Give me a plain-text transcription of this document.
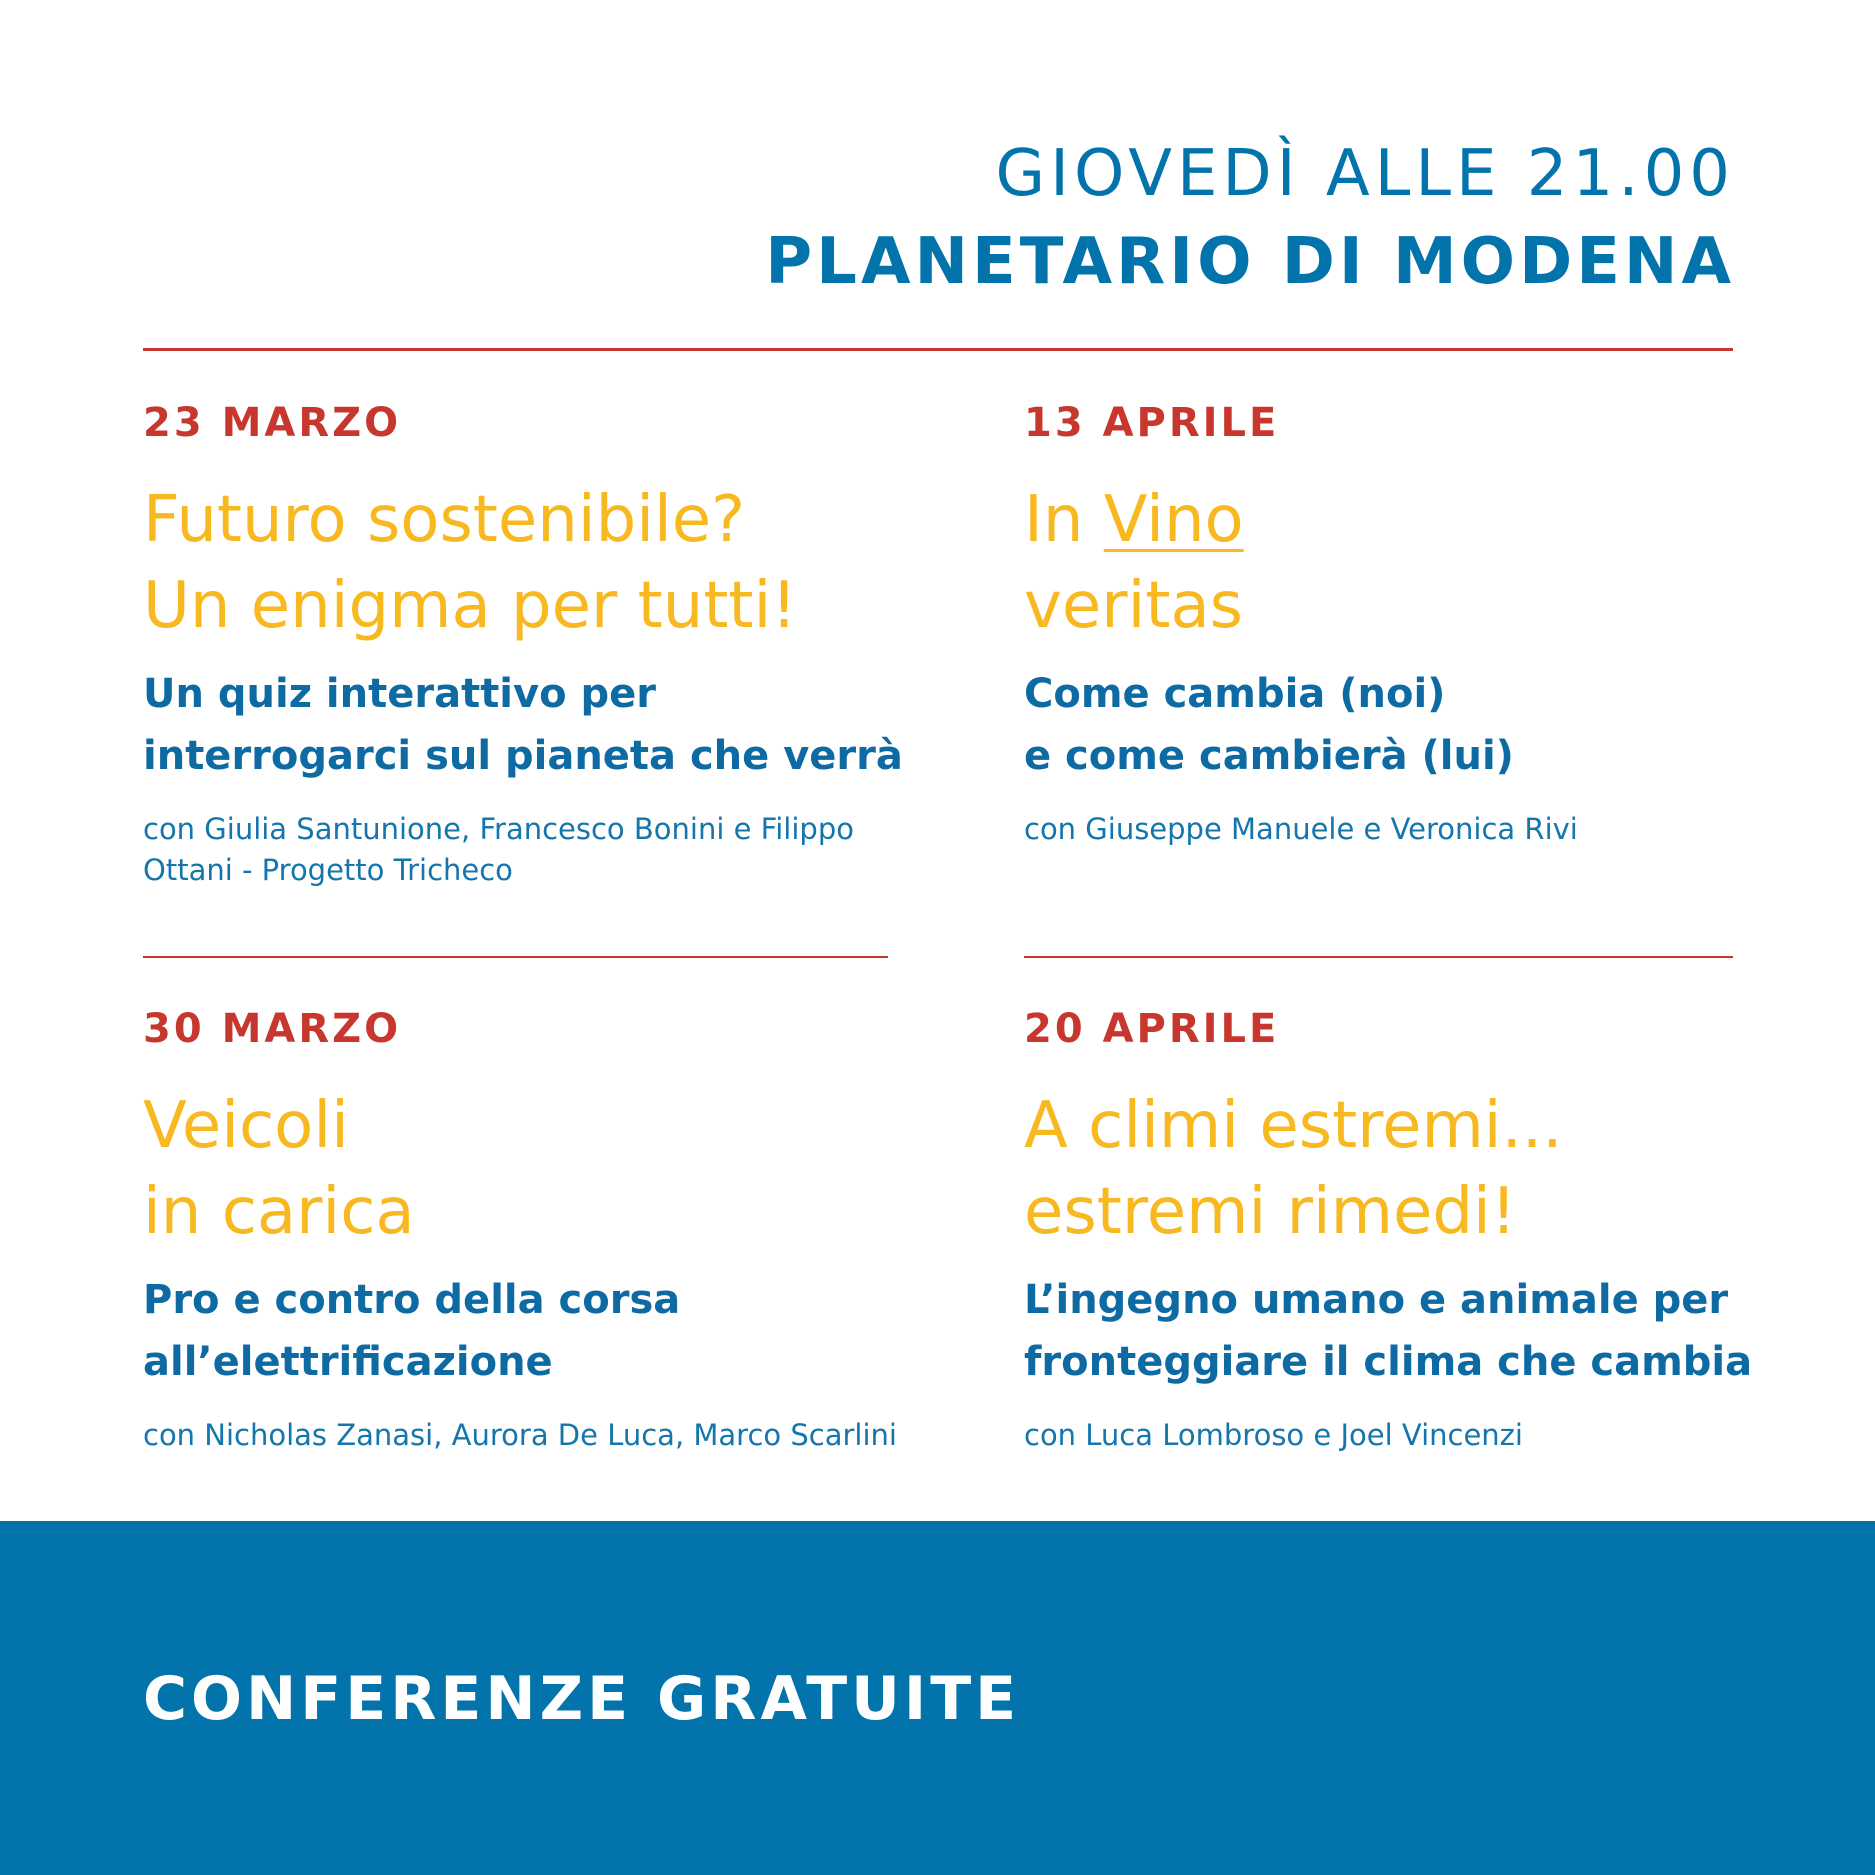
GIOVEDÌ ALLE 21.00
PLANETARIO DI MODENA
23 MARZO
Futuro sostenibile?
Un enigma per tutti!
Un quiz interattivo per
interrogarci sul pianeta che verrà
con Giulia Santunione, Francesco Bonini e Filippo
Ottani - Progetto Tricheco
13 APRILE
In Vino
veritas
Come cambia (noi)
e come cambierà (lui)
con Giuseppe Manuele e Veronica Rivi
30 MARZO
Veicoli
in carica
Pro e contro della corsa
all’elettrificazione
con Nicholas Zanasi, Aurora De Luca, Marco Scarlini
20 APRILE
A climi estremi...
estremi rimedi!
L’ingegno umano e animale per
fronteggiare il clima che cambia
con Luca Lombroso e Joel Vincenzi
CONFERENZE GRATUITE
